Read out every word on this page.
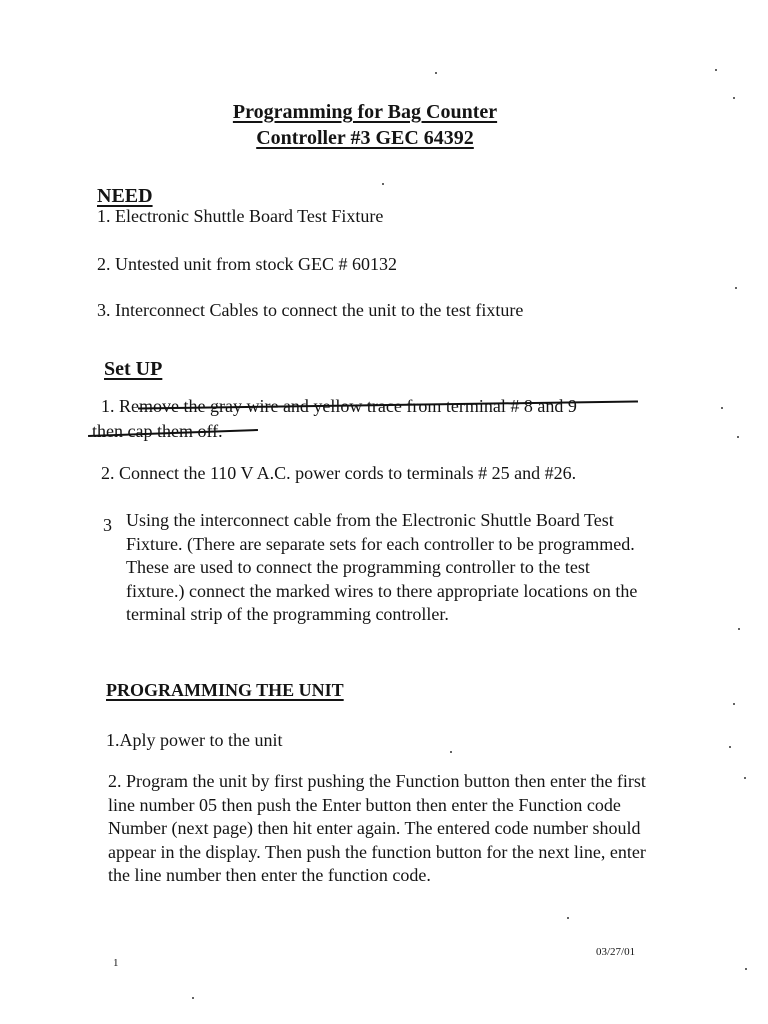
Programming for Bag Counter
Controller #3 GEC 64392
NEED
1. Electronic Shuttle Board Test Fixture
2. Untested unit from stock GEC # 60132
3. Interconnect Cables to connect the unit to the test fixture
Set UP
1. Remove the gray wire and yellow trace from terminal # 8 and 9
then cap them off.
2. Connect the 110 V A.C. power cords to terminals # 25 and #26.
3 Using the interconnect cable from the Electronic Shuttle Board Test Fixture. (There are separate sets for each controller to be programmed. These are used to connect the programming controller to the test fixture.) connect the marked wires to there appropriate locations on the terminal strip of the programming controller.
PROGRAMMING THE UNIT
1.Aply power to the unit
2. Program the unit by first pushing the Function button then enter the first line number 05 then push the Enter button then enter the Function code Number (next page) then hit enter again. The entered code number should appear in the display. Then push the function button for the next line, enter the line number then enter the function code.
1
03/27/01
